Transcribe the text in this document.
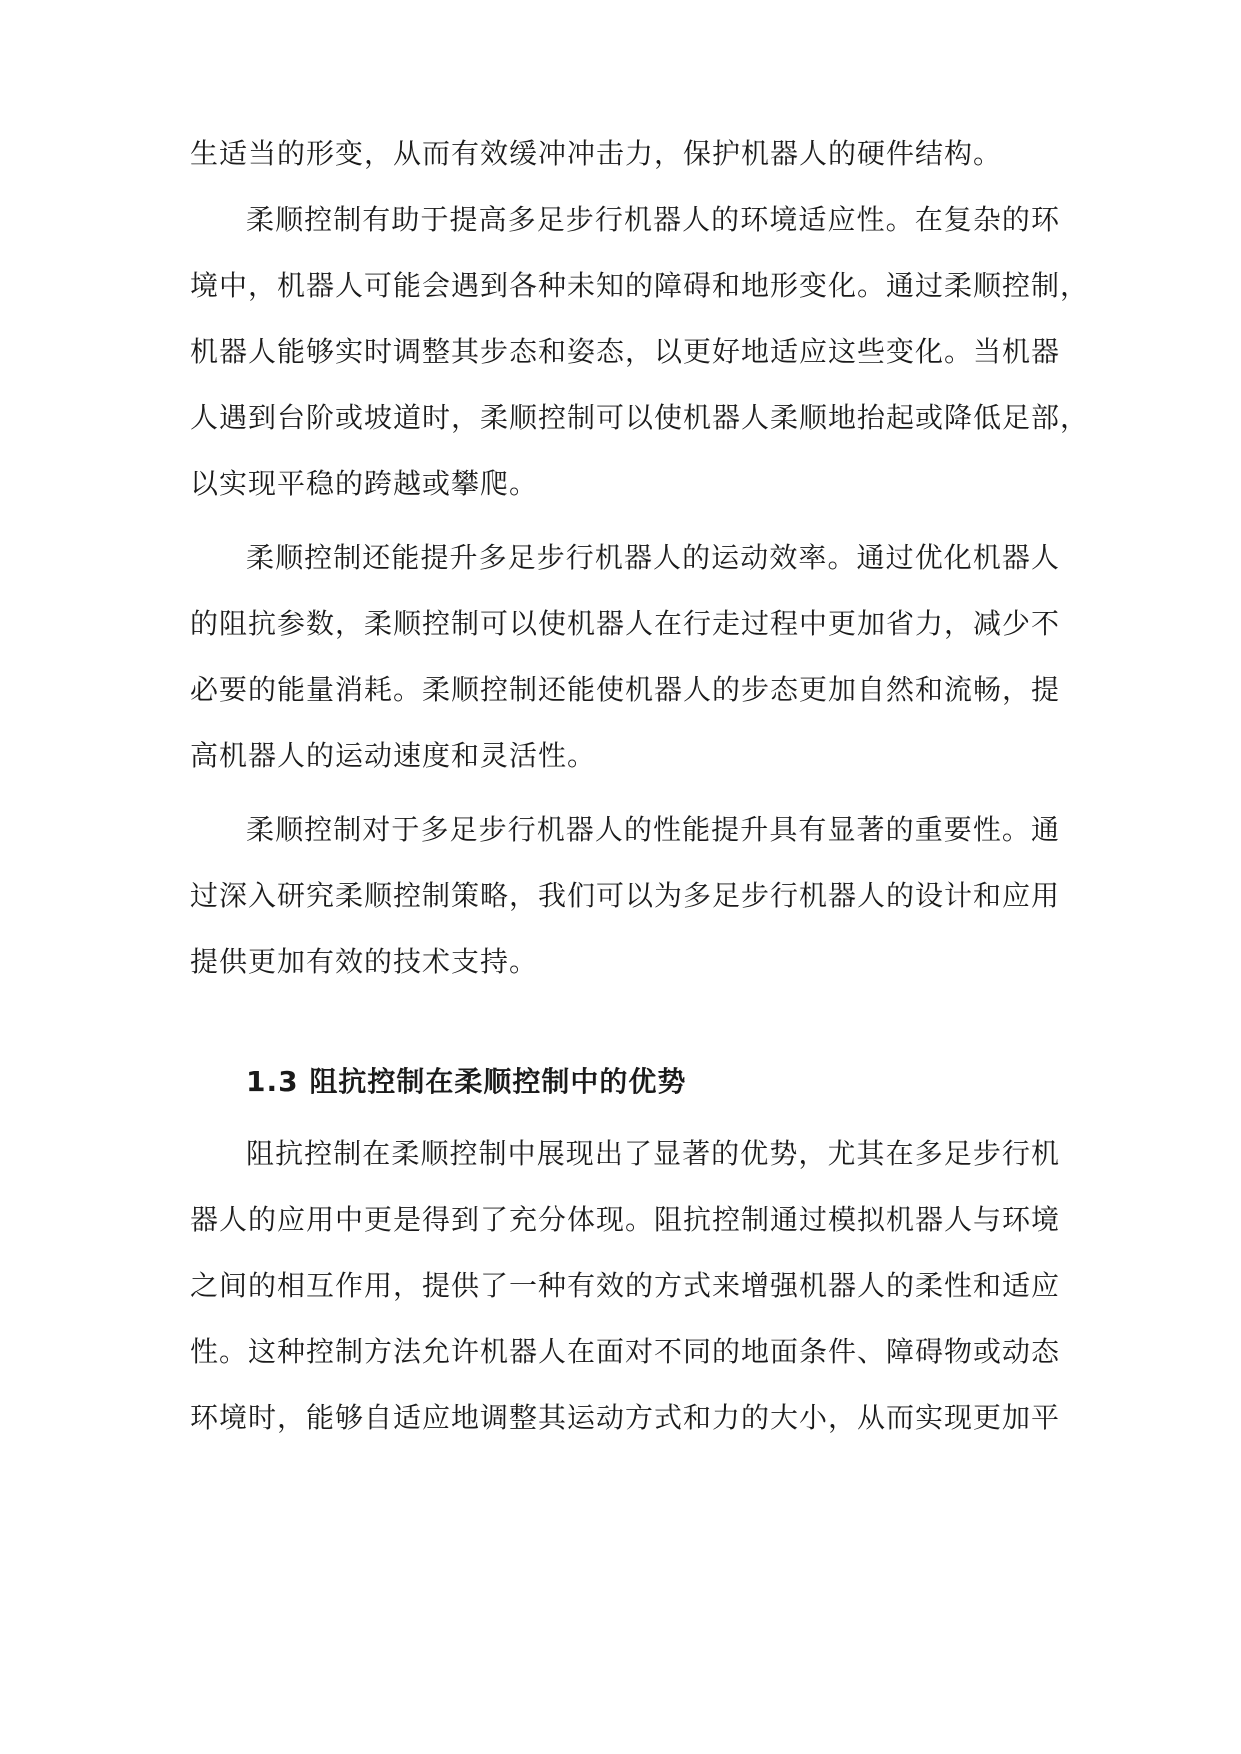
生适当的形变，从而有效缓冲冲击力，保护机器人的硬件结构。
柔顺控制有助于提高多足步行机器人的环境适应性。在复杂的环
境中，机器人可能会遇到各种未知的障碍和地形变化。通过柔顺控制，
机器人能够实时调整其步态和姿态，以更好地适应这些变化。当机器
人遇到台阶或坡道时，柔顺控制可以使机器人柔顺地抬起或降低足部，
以实现平稳的跨越或攀爬。
柔顺控制还能提升多足步行机器人的运动效率。通过优化机器人
的阻抗参数，柔顺控制可以使机器人在行走过程中更加省力，减少不
必要的能量消耗。柔顺控制还能使机器人的步态更加自然和流畅，提
高机器人的运动速度和灵活性。
柔顺控制对于多足步行机器人的性能提升具有显著的重要性。通
过深入研究柔顺控制策略，我们可以为多足步行机器人的设计和应用
提供更加有效的技术支持。
1.3 阻抗控制在柔顺控制中的优势
阻抗控制在柔顺控制中展现出了显著的优势，尤其在多足步行机
器人的应用中更是得到了充分体现。阻抗控制通过模拟机器人与环境
之间的相互作用，提供了一种有效的方式来增强机器人的柔性和适应
性。这种控制方法允许机器人在面对不同的地面条件、障碍物或动态
环境时，能够自适应地调整其运动方式和力的大小，从而实现更加平
